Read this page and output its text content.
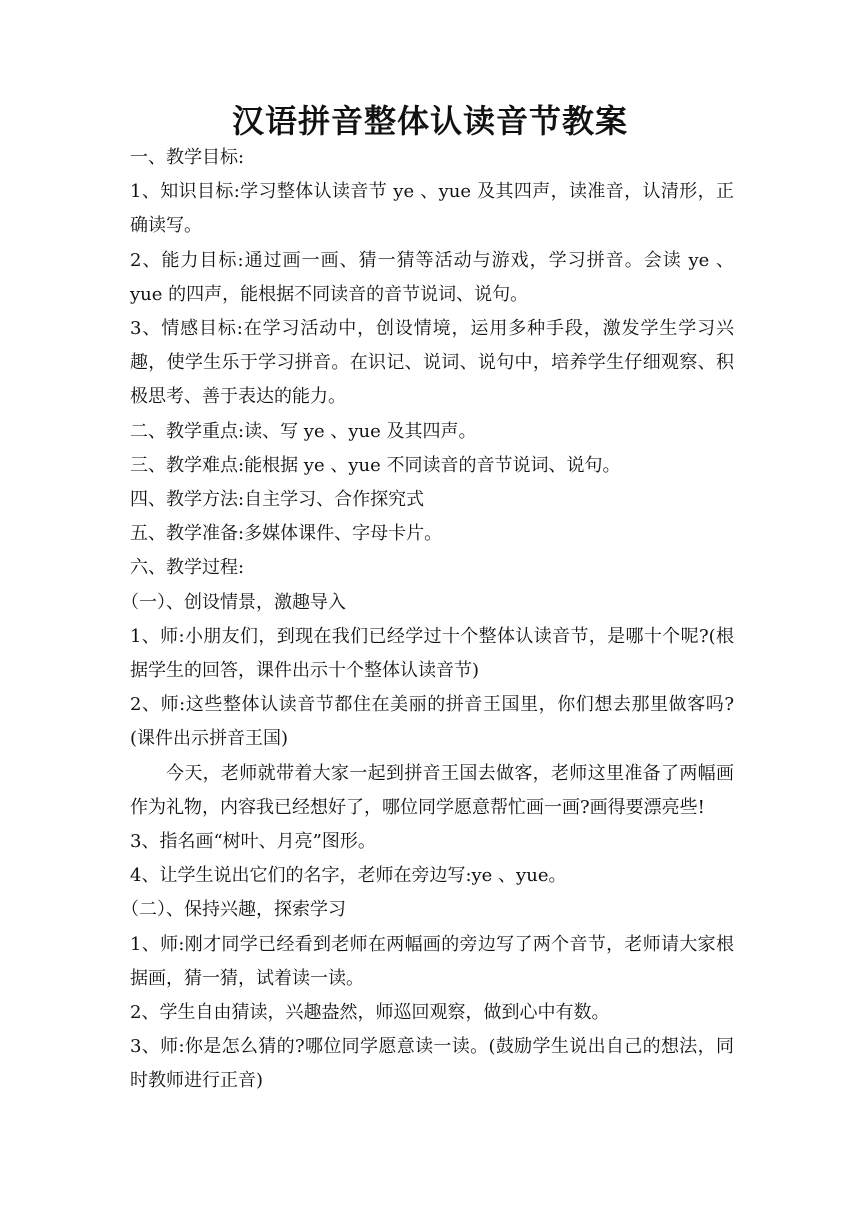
汉语拼音整体认读音节教案

一、教学目标:

1、知识目标:学习整体认读音节 ye 、yue 及其四声，读准音，认清形，正确读写。

2、能力目标:通过画一画、猜一猜等活动与游戏，学习拼音。会读 ye 、yue 的四声，能根据不同读音的音节说词、说句。

3、情感目标:在学习活动中，创设情境，运用多种手段，激发学生学习兴趣，使学生乐于学习拼音。在识记、说词、说句中，培养学生仔细观察、积极思考、善于表达的能力。

二、教学重点:读、写 ye 、yue 及其四声。

三、教学难点:能根据 ye 、yue 不同读音的音节说词、说句。

四、教学方法:自主学习、合作探究式

五、教学准备:多媒体课件、字母卡片。

六、教学过程:

（一）、创设情景，激趣导入

1、师:小朋友们，到现在我们已经学过十个整体认读音节，是哪十个呢?(根据学生的回答，课件出示十个整体认读音节)

2、师:这些整体认读音节都住在美丽的拼音王国里，你们想去那里做客吗?(课件出示拼音王国)

今天，老师就带着大家一起到拼音王国去做客，老师这里准备了两幅画作为礼物，内容我已经想好了，哪位同学愿意帮忙画一画?画得要漂亮些!

3、指名画“树叶、月亮”图形。

4、让学生说出它们的名字，老师在旁边写:ye 、yue。

（二）、保持兴趣，探索学习

1、师:刚才同学已经看到老师在两幅画的旁边写了两个音节，老师请大家根据画，猜一猜，试着读一读。

2、学生自由猜读，兴趣盎然，师巡回观察，做到心中有数。

3、师:你是怎么猜的?哪位同学愿意读一读。(鼓励学生说出自己的想法，同时教师进行正音)
